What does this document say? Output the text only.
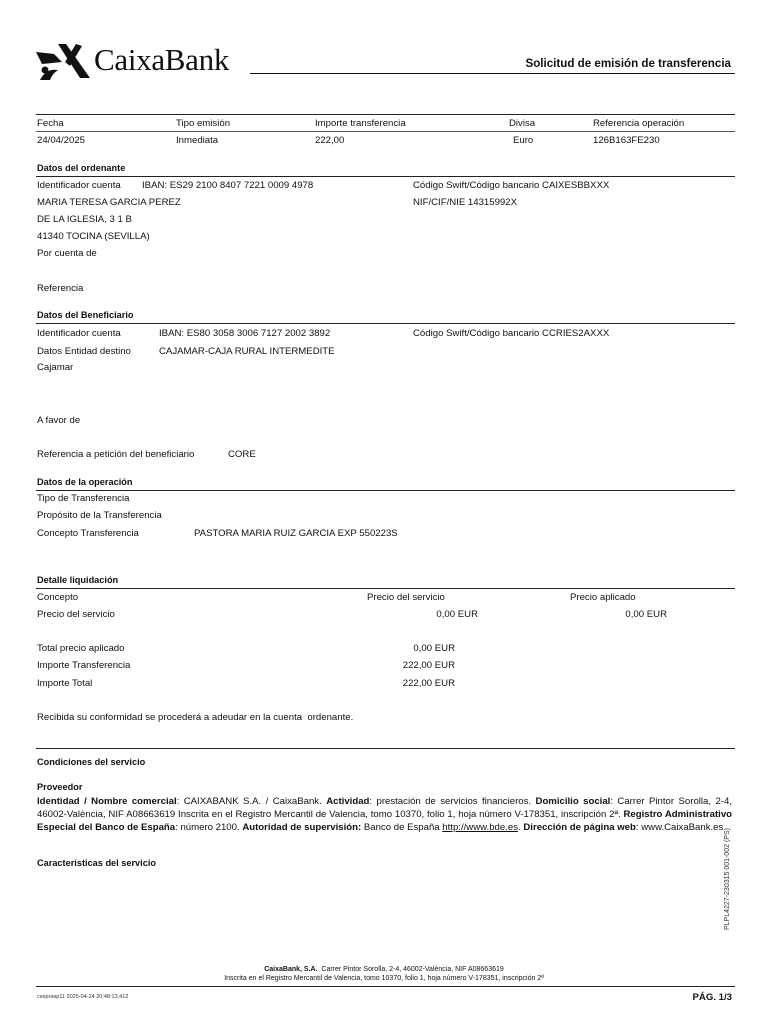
CaixaBank	Solicitud de emisión de transferencia
Fecha	Tipo emisión	Importe transferencia	Divisa	Referencia operación
24/04/2025	Inmediata	222,00	Euro	126B163FE230
Datos del ordenante
Identificador cuenta IBAN: ES29 2100 8407 7221 0009 4978	Código Swift/Código bancario CAIXESBBXXX
MARIA TERESA GARCIA PEREZ	NIF/CIF/NIE 14315992X
DE LA IGLESIA, 3 1 B
41340 TOCINA (SEVILLA)
Por cuenta de
Referencia
Datos del Beneficiario
Identificador cuenta	IBAN: ES80 3058 3006 7127 2002 3892	Código Swift/Código bancario CCRIES2AXXX
Datos Entidad destino	CAJAMAR-CAJA RURAL INTERMEDITE
Cajamar
A favor de
Referencia a petición del beneficiario	CORE
Datos de la operación
Tipo de Transferencia
Propósito de la Transferencia
Concepto Transferencia	PASTORA MARIA RUIZ GARCIA EXP 550223S
Detalle liquidación
Concepto	Precio del servicio	Precio aplicado
Precio del servicio	0,00 EUR	0,00 EUR
Total precio aplicado	0,00 EUR
Importe Transferencia	222,00 EUR
Importe Total	222,00 EUR
Recibida su conformidad se procederá a adeudar en la cuenta  ordenante.
Condiciones del servicio
Proveedor
Identidad / Nombre comercial: CAIXABANK S.A. / CaixaBank. Actividad: prestación de servicios financieros. Domicilio social: Carrer Pintor Sorolla, 2-4, 46002-València, NIF A08663619 Inscrita en el Registro Mercantil de Valencia, tomo 10370, folio 1, hoja número V-178351, inscripción 2ª. Registro Administrativo Especial del Banco de España: número 2100. Autoridad de supervisión: Banco de España http://www.bde.es. Dirección de página web: www.CaixaBank.es
Características del servicio	PLPL4227-230315 001-002 (PS)
CaixaBank, S.A. Carrer Pintor Sorolla, 2-4, 46002-València, NIF A08663619
Inscrita en el Registro Mercantil de Valencia, tomo 10370, folio 1, hoja número V-178351, inscripción 2ª
cesprasp11 2025-04-24 20:48:13,412	PÁG. 1/3
